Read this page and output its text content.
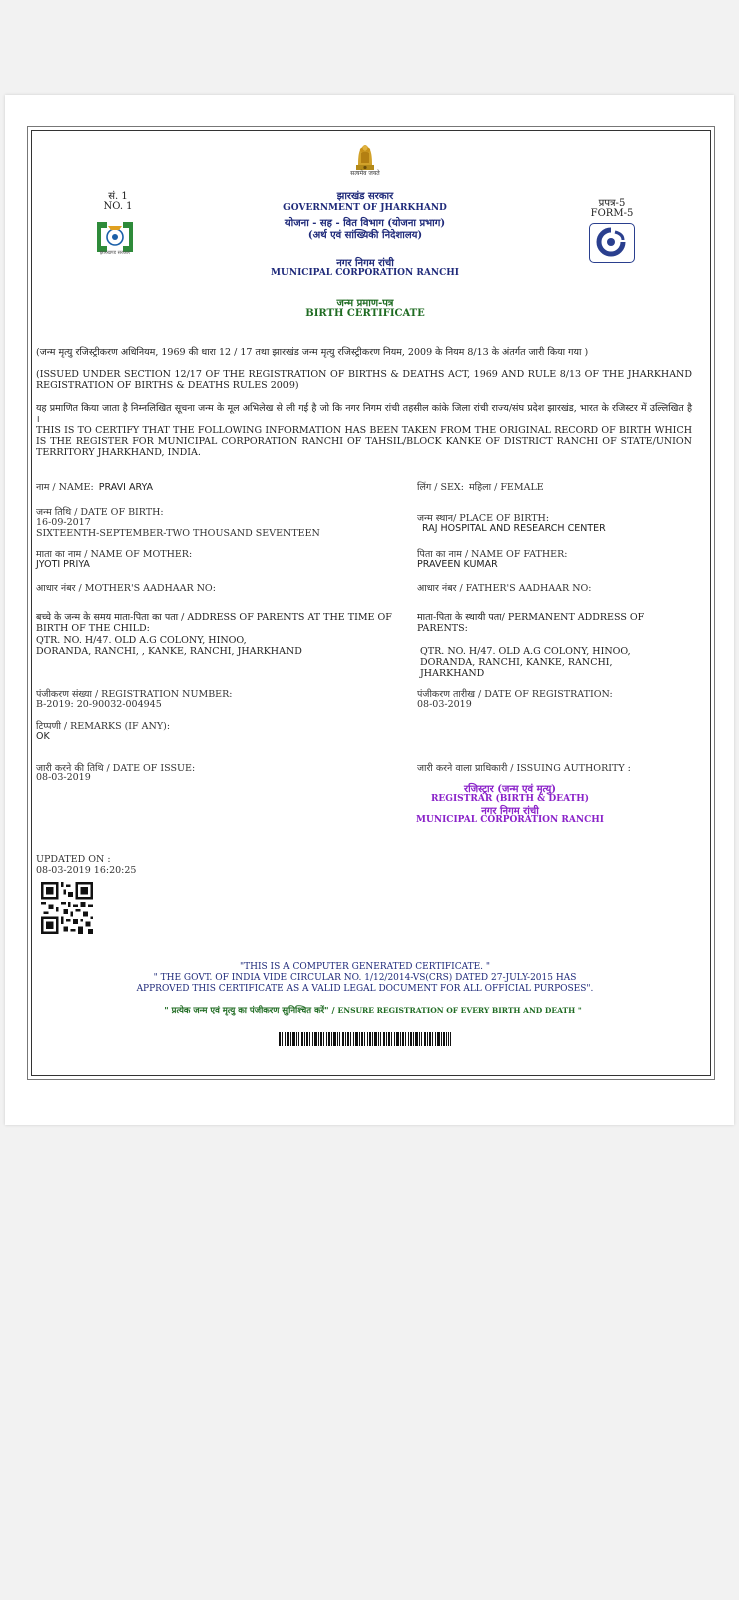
सत्यमेव जयते
सं. 1
NO. 1
झारखण्ड सरकार
प्रपत्र-5
FORM-5
झारखंड सरकार
GOVERNMENT OF JHARKHAND
योजना - सह - वित विभाग (योजना प्रभाग)
(अर्थ एवं सांख्यिकी निदेशालय)
नगर निगम रांची
MUNICIPAL CORPORATION RANCHI
जन्म प्रमाण-पत्र
BIRTH CERTIFICATE
(जन्म मृत्यु रजिस्ट्रीकरण अधिनियम, 1969 की धारा 12 / 17 तथा झारखंड जन्म मृत्यु रजिस्ट्रीकरण नियम, 2009 के नियम 8/13 के अंतर्गत जारी किया गया )
(ISSUED UNDER SECTION 12/17 OF THE REGISTRATION OF BIRTHS & DEATHS ACT, 1969 AND RULE 8/13 OF THE JHARKHAND REGISTRATION OF BIRTHS & DEATHS RULES 2009)
यह प्रमाणित किया जाता है निम्नलिखित सूचना जन्म के मूल अभिलेख से ली गई है जो कि नगर निगम रांची तहसील कांके जिला रांची राज्य/संघ प्रदेश झारखंड, भारत के रजिस्टर में उल्लिखित है ।
THIS IS TO CERTIFY THAT THE FOLLOWING INFORMATION HAS BEEN TAKEN FROM THE ORIGINAL RECORD OF BIRTH WHICH IS THE REGISTER FOR MUNICIPAL CORPORATION RANCHI OF TAHSIL/BLOCK KANKE OF DISTRICT RANCHI OF STATE/UNION TERRITORY JHARKHAND, INDIA.
नाम / NAME: PRAVI ARYA	लिंग / SEX: महिला / FEMALE
जन्म तिथि / DATE OF BIRTH:
16-09-2017
SIXTEENTH-SEPTEMBER-TWO THOUSAND SEVENTEEN
जन्म स्थान/ PLACE OF BIRTH:
RAJ HOSPITAL AND RESEARCH CENTER
माता का नाम / NAME OF MOTHER:
JYOTI PRIYA
पिता का नाम / NAME OF FATHER:
PRAVEEN KUMAR
आधार नंबर / MOTHER'S AADHAAR NO:	आधार नंबर / FATHER'S AADHAAR NO:
बच्चे के जन्म के समय माता-पिता का पता / ADDRESS OF PARENTS AT THE TIME OF BIRTH OF THE CHILD:
QTR. NO. H/47. OLD A.G COLONY, HINOO,
DORANDA, RANCHI, , KANKE, RANCHI, JHARKHAND
माता-पिता के स्थायी पता/ PERMANENT ADDRESS OF PARENTS:
QTR. NO. H/47. OLD A.G COLONY, HINOO,
DORANDA, RANCHI, KANKE, RANCHI,
JHARKHAND
पंजीकरण संख्या / REGISTRATION NUMBER:
B-2019: 20-90032-004945
पंजीकरण तारीख / DATE OF REGISTRATION:
08-03-2019
टिप्पणी / REMARKS (IF ANY):
OK
जारी करने की तिथि / DATE OF ISSUE:
08-03-2019
जारी करने वाला प्राधिकारी / ISSUING AUTHORITY :
रजिस्ट्रार (जन्म एवं मृत्यु)
REGISTRAR (BIRTH & DEATH)
नगर निगम रांची
MUNICIPAL CORPORATION RANCHI
UPDATED ON :
08-03-2019 16:20:25
"THIS IS A COMPUTER GENERATED CERTIFICATE. "
" THE GOVT. OF INDIA VIDE CIRCULAR NO. 1/12/2014-VS(CRS) DATED 27-JULY-2015 HAS
APPROVED THIS CERTIFICATE AS A VALID LEGAL DOCUMENT FOR ALL OFFICIAL PURPOSES".
" प्रत्येक जन्म एवं मृत्यु का पंजीकरण सुनिश्चित करें" / ENSURE REGISTRATION OF EVERY BIRTH AND DEATH "
